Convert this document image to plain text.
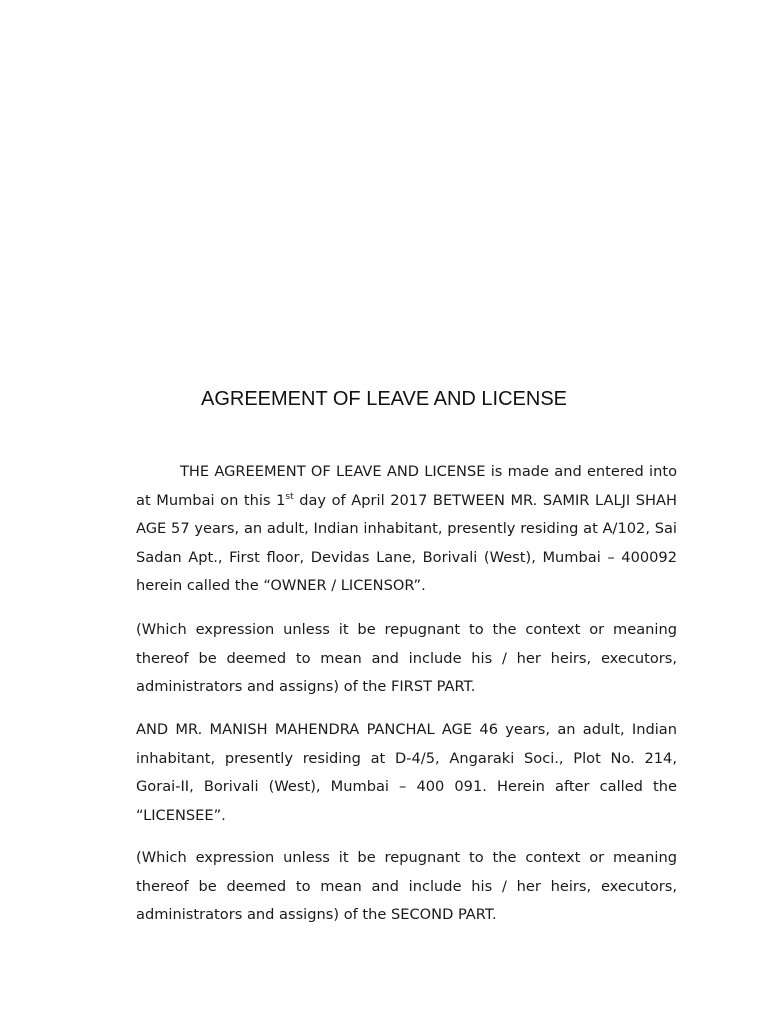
AGREEMENT OF LEAVE AND LICENSE

THE AGREEMENT OF LEAVE AND LICENSE is made and entered into at Mumbai on this 1st day of April 2017 BETWEEN MR. SAMIR LALJI SHAH AGE 57 years, an adult, Indian inhabitant, presently residing at A/102, Sai Sadan Apt., First floor, Devidas Lane, Borivali (West), Mumbai – 400092 herein called the “OWNER / LICENSOR”.

(Which expression unless it be repugnant to the context or meaning thereof be deemed to mean and include his / her heirs, executors, administrators and assigns) of the FIRST PART.

AND MR. MANISH MAHENDRA PANCHAL AGE 46 years, an adult, Indian inhabitant, presently residing at D-4/5, Angaraki Soci., Plot No. 214, Gorai-II, Borivali (West), Mumbai – 400 091. Herein after called the “LICENSEE”.

(Which expression unless it be repugnant to the context or meaning thereof be deemed to mean and include his / her heirs, executors, administrators and assigns) of the SECOND PART.
